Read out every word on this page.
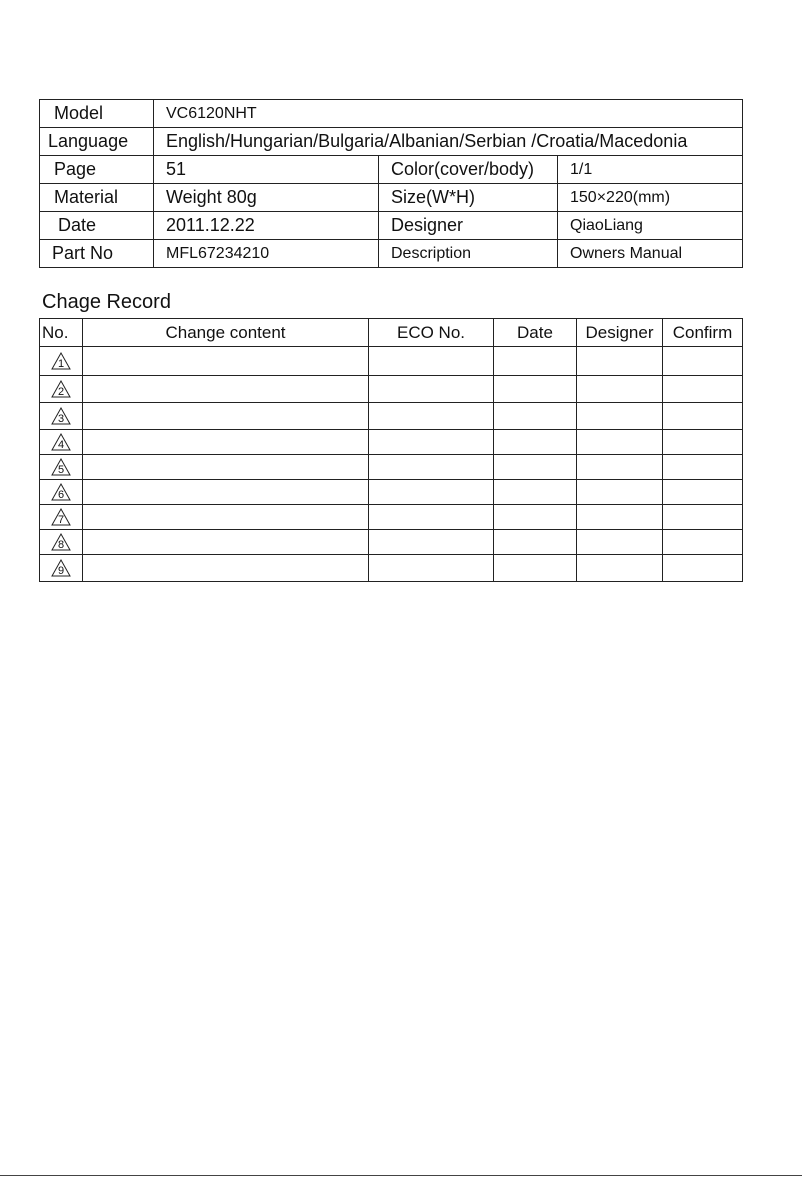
Model	VC6120NHT		
Language	English/Hungarian/Bulgaria/Albanian/Serbian /Croatia/Macedonia		
Page	51	Color(cover/body)	1/1
Material	Weight 80g	Size(W*H)	150×220(mm)
Date	2011.12.22	Designer	QiaoLiang
Part No	MFL67234210	Description	Owners Manual
Chage Record
No.	Change content	ECO No.	Date	Designer	Confirm

1					

2					

3					

4					

5					

6					

7					

8					

9					
